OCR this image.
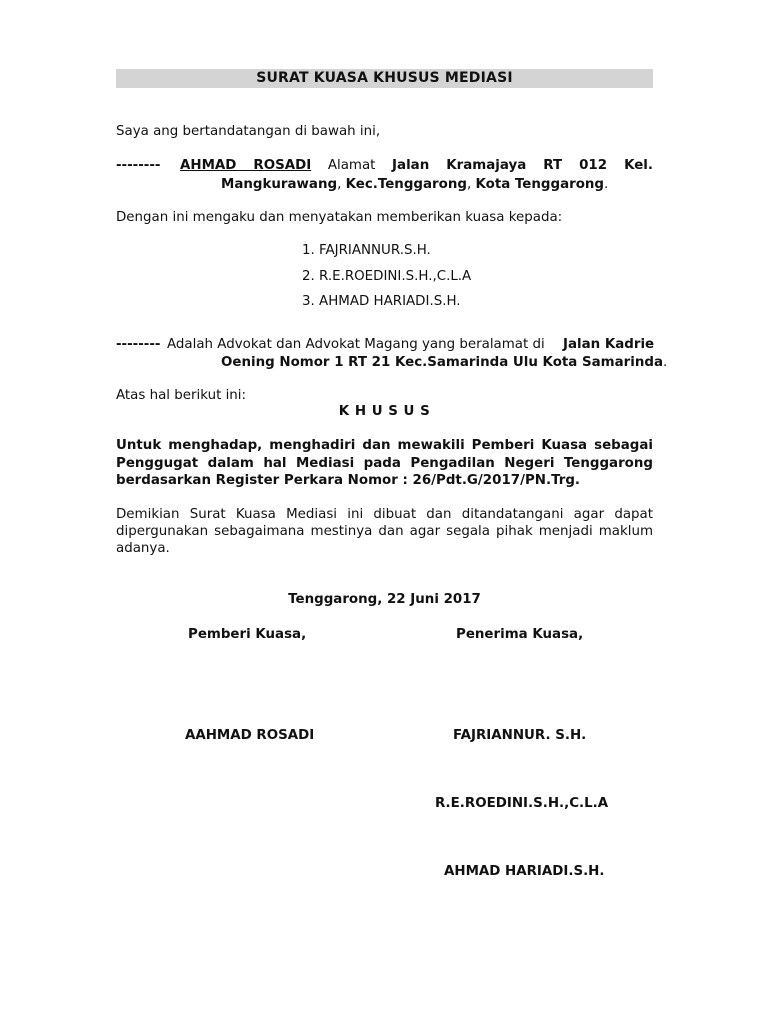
SURAT KUASA KHUSUS MEDIASI
Saya ang bertandatangan di bawah ini,
-------- AHMAD ROSADI Alamat Jalan Kramajaya RT 012 Kel.
Mangkurawang, Kec.Tenggarong, Kota Tenggarong.
Dengan ini mengaku dan menyatakan memberikan kuasa kepada:
1. FAJRIANNUR.S.H.
2. R.E.ROEDINI.S.H.,C.L.A
3. AHMAD HARIADI.S.H.
-------- Adalah Advokat dan Advokat Magang yang beralamat di Jalan Kadrie
Oening Nomor 1 RT 21 Kec.Samarinda Ulu Kota Samarinda.
Atas hal berikut ini:
K H U S U S
Untuk menghadap, menghadiri dan mewakili Pemberi Kuasa sebagai
Penggugat dalam hal Mediasi pada Pengadilan Negeri Tenggarong
berdasarkan Register Perkara Nomor : 26/Pdt.G/2017/PN.Trg.
Demikian Surat Kuasa Mediasi ini dibuat dan ditandatangani agar dapat
dipergunakan sebagaimana mestinya dan agar segala pihak menjadi maklum
adanya.
Tenggarong, 22 Juni 2017
Pemberi Kuasa,	Penerima Kuasa,
AAHMAD ROSADI	FAJRIANNUR. S.H.
R.E.ROEDINI.S.H.,C.L.A
AHMAD HARIADI.S.H.
